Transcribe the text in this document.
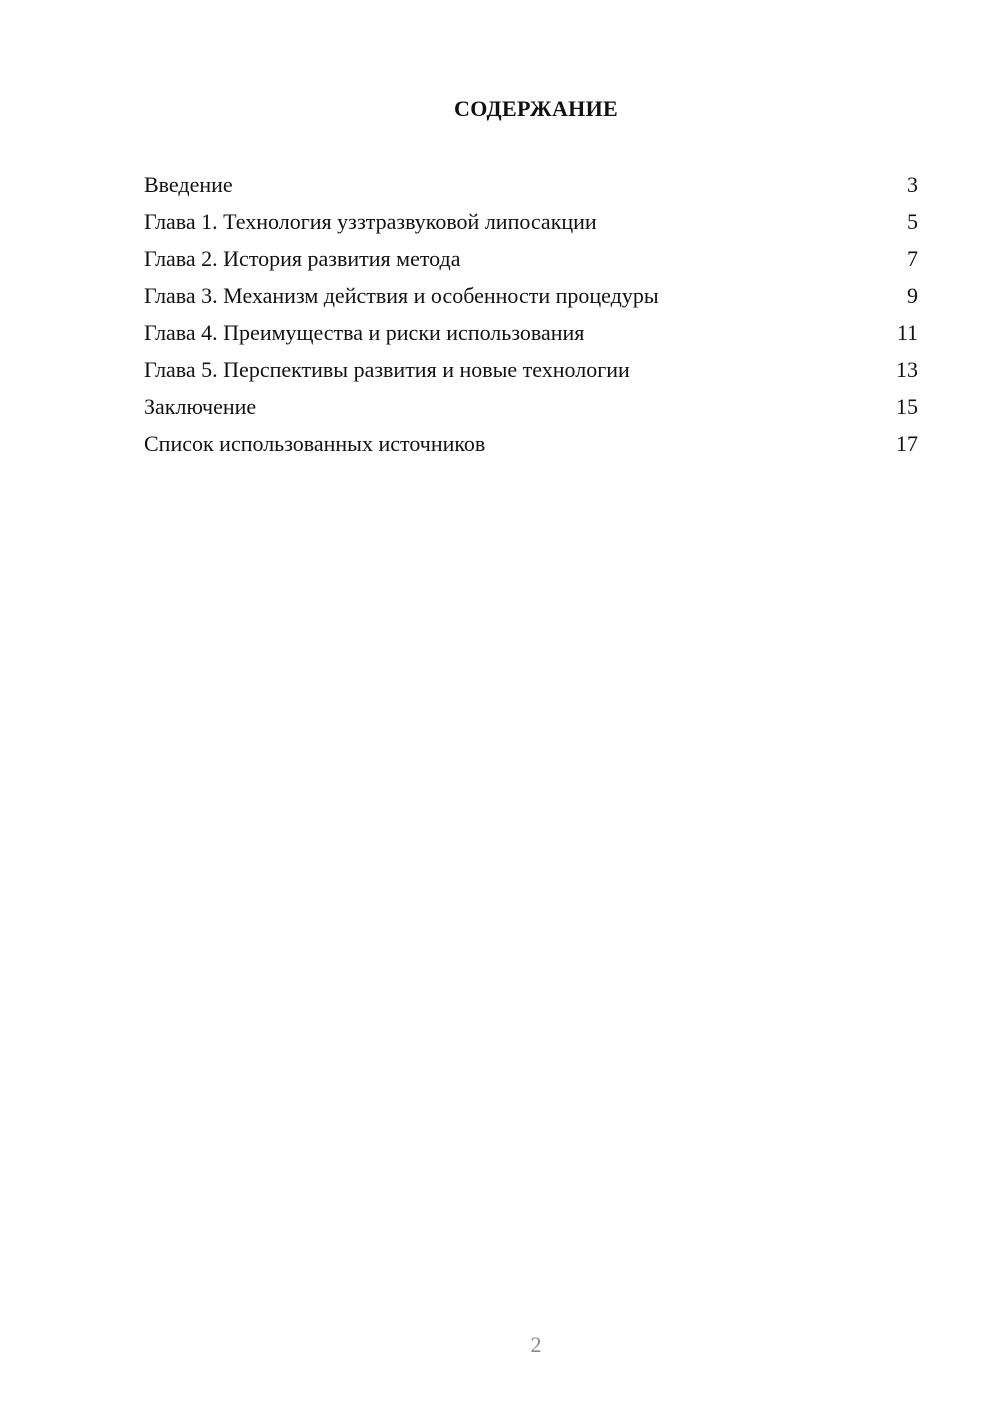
СОДЕРЖАНИЕ
Введение	3
Глава 1. Технология уззтразвуковой липосакции	5
Глава 2. История развития метода	7
Глава 3. Механизм действия и особенности процедуры	9
Глава 4. Преимущества и риски использования	11
Глава 5. Перспективы развития и новые технологии	13
Заключение	15
Список использованных источников	17
2
